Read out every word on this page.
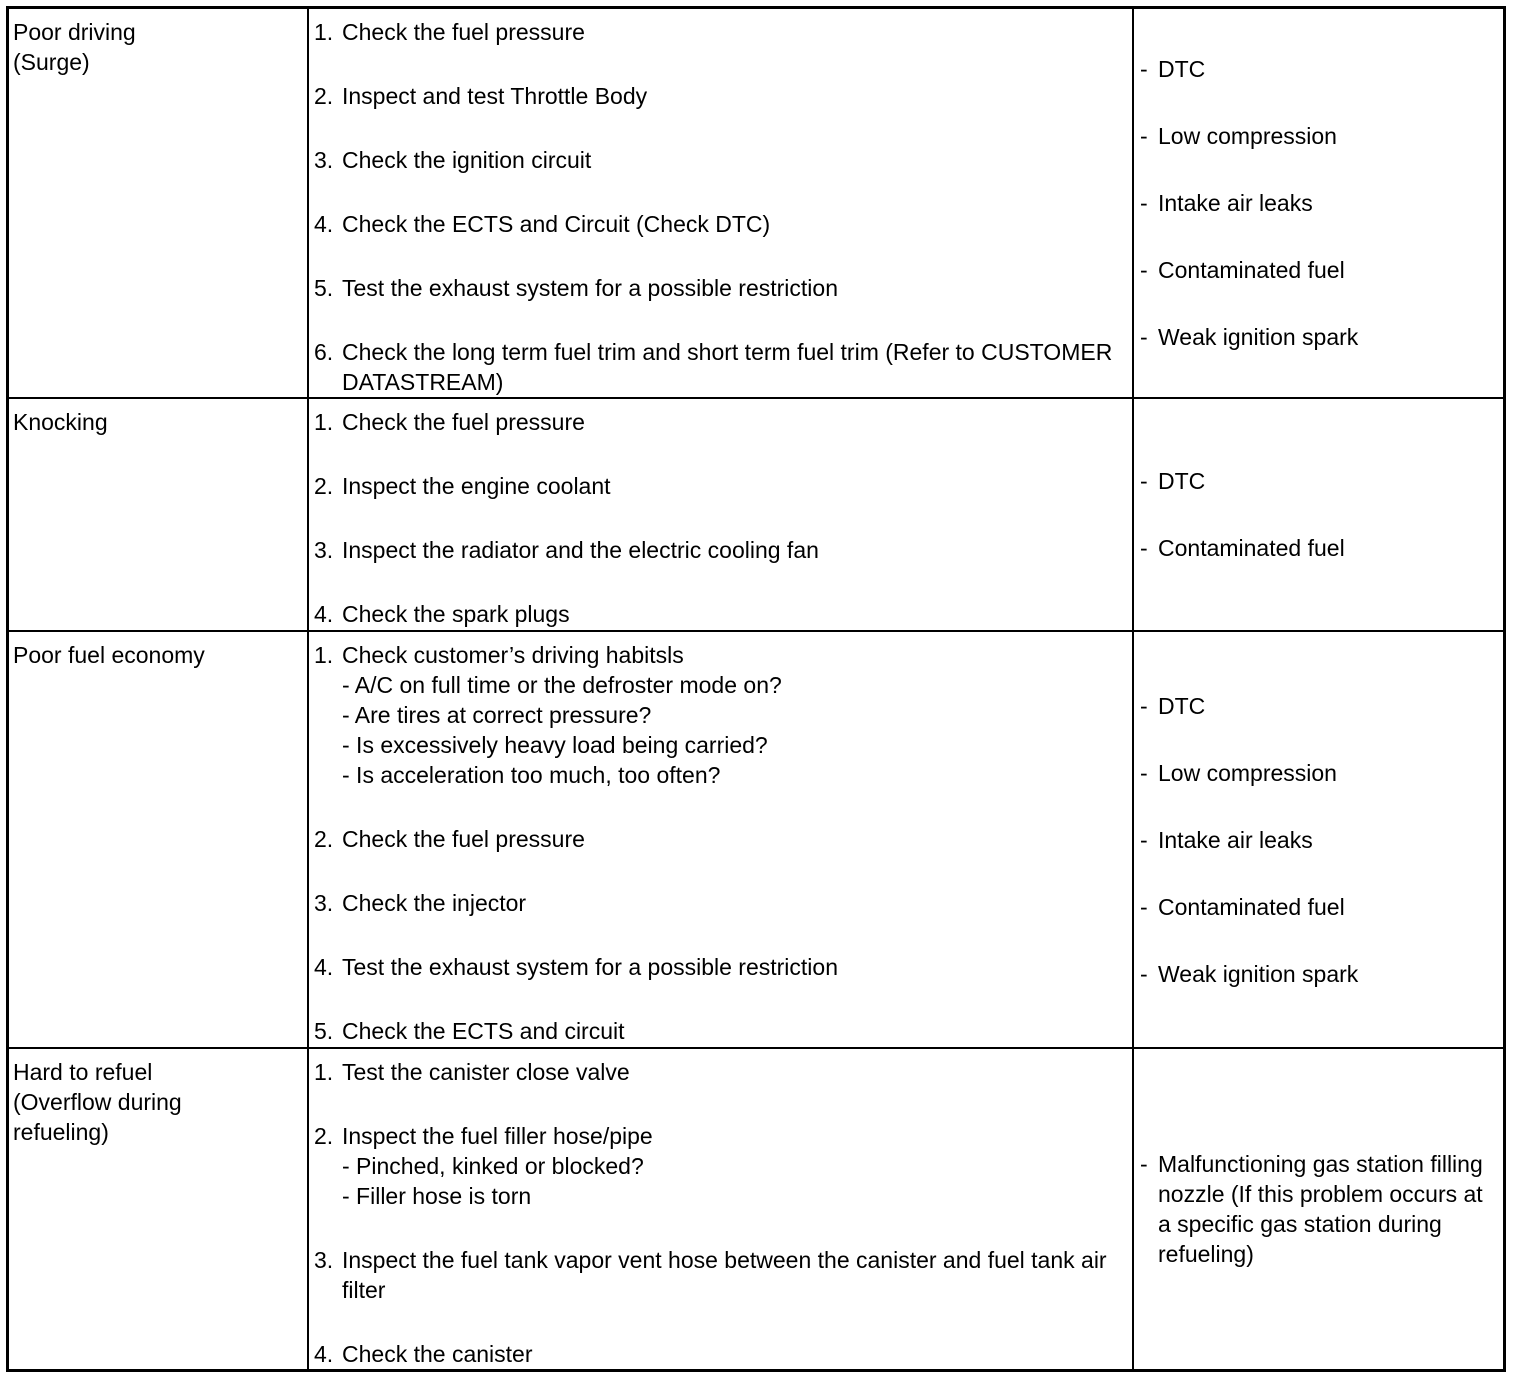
Poor driving
(Surge)
1. Check the fuel pressure
2. Inspect and test Throttle Body
3. Check the ignition circuit
4. Check the ECTS and Circuit (Check DTC)
5. Test the exhaust system for a possible restriction
6. Check the long term fuel trim and short term fuel trim (Refer to CUSTOMER DATASTREAM)
- DTC
- Low compression
- Intake air leaks
- Contaminated fuel
- Weak ignition spark
Knocking	1. Check the fuel pressure
2. Inspect the engine coolant
3. Inspect the radiator and the electric cooling fan
4. Check the spark plugs
- DTC
- Contaminated fuel
Poor fuel economy	1. Check customer’s driving habitsls
- A/C on full time or the defroster mode on?
- Are tires at correct pressure?
- Is excessively heavy load being carried?
- Is acceleration too much, too often?
2. Check the fuel pressure
3. Check the injector
4. Test the exhaust system for a possible restriction
5. Check the ECTS and circuit
- DTC
- Low compression
- Intake air leaks
- Contaminated fuel
- Weak ignition spark
Hard to refuel
(Overflow during
refueling)
1. Test the canister close valve
2. Inspect the fuel filler hose/pipe
- Pinched, kinked or blocked?
- Filler hose is torn
3. Inspect the fuel tank vapor vent hose between the canister and fuel tank air filter
4. Check the canister
- Malfunctioning gas station filling nozzle (If this problem occurs at a specific gas station during refueling)
